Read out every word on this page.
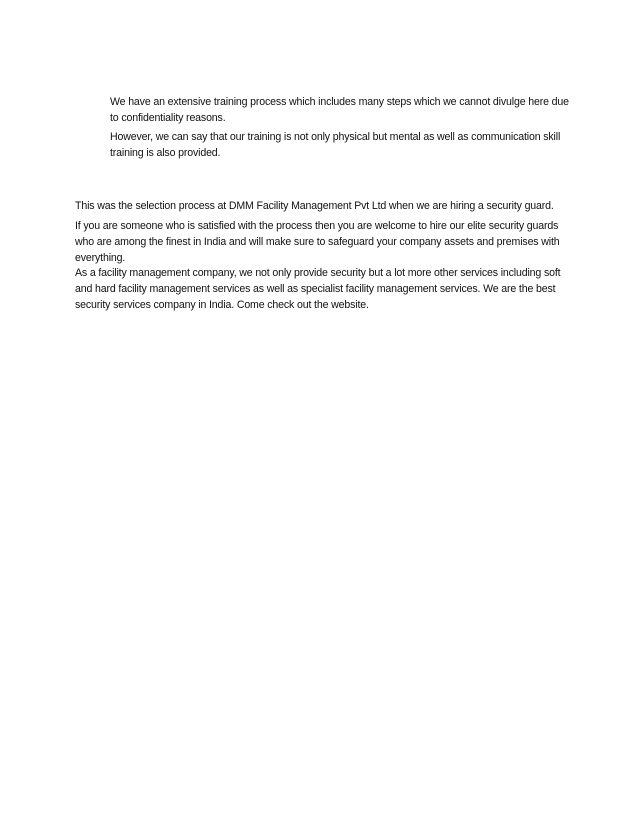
We have an extensive training process which includes many steps which we cannot divulge here due to confidentiality reasons.

However, we can say that our training is not only physical but mental as well as communication skill training is also provided.

This was the selection process at DMM Facility Management Pvt Ltd when we are hiring a security guard.

If you are someone who is satisfied with the process then you are welcome to hire our elite security guards who are among the finest in India and will make sure to safeguard your company assets and premises with everything.

As a facility management company, we not only provide security but a lot more other services including soft and hard facility management services as well as specialist facility management services. We are the best security services company in India. Come check out the website.
